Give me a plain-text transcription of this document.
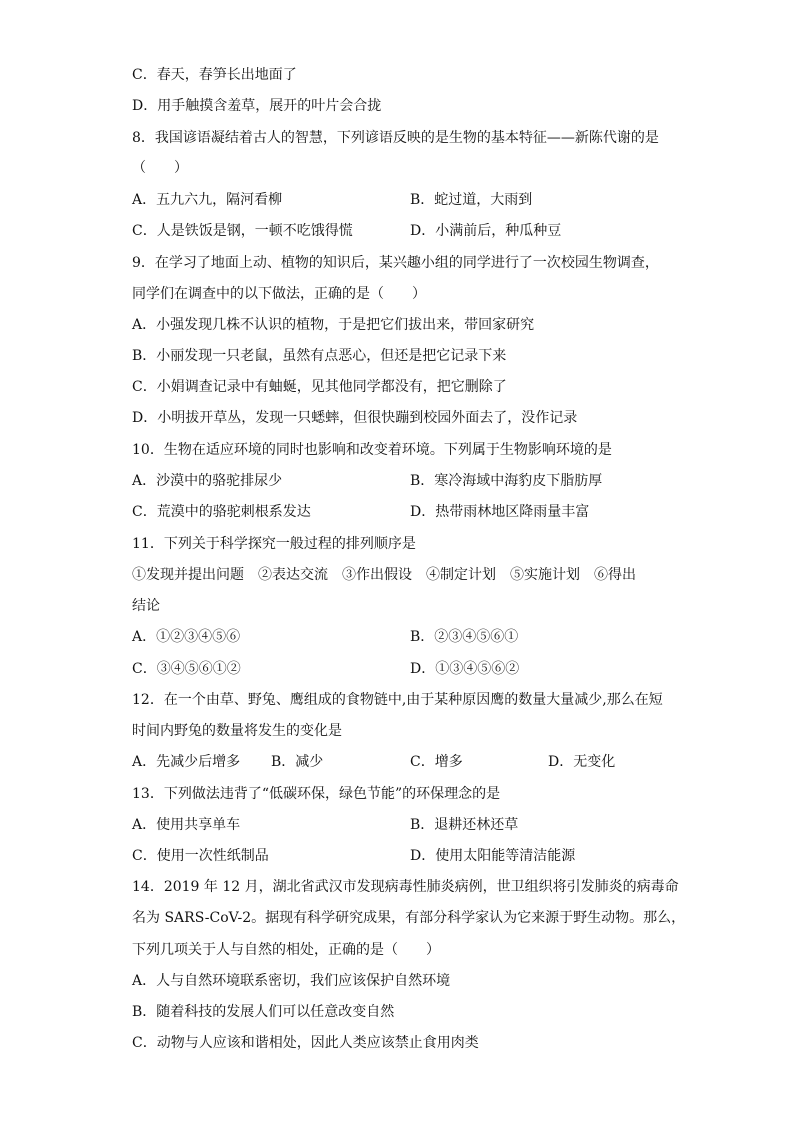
C．春天，春笋长出地面了
D．用手触摸含羞草，展开的叶片会合拢
8．我国谚语凝结着古人的智慧，下列谚语反映的是生物的基本特征——新陈代谢的是
（　　）
A．五九六九，隔河看柳	B．蛇过道，大雨到
C．人是铁饭是钢，一顿不吃饿得慌	D．小满前后，种瓜种豆
9．在学习了地面上动、植物的知识后，某兴趣小组的同学进行了一次校园生物调查，
同学们在调查中的以下做法，正确的是（　　）
A．小强发现几株不认识的植物，于是把它们拔出来，带回家研究
B．小丽发现一只老鼠，虽然有点恶心，但还是把它记录下来
C．小娟调查记录中有蚰蜒，见其他同学都没有，把它删除了
D．小明拔开草丛，发现一只蟋蟀，但很快蹦到校园外面去了，没作记录
10．生物在适应环境的同时也影响和改变着环境。下列属于生物影响环境的是
A．沙漠中的骆驼排尿少	B．寒冷海域中海豹皮下脂肪厚
C．荒漠中的骆驼刺根系发达	D．热带雨林地区降雨量丰富
11．下列关于科学探究一般过程的排列顺序是
①发现并提出问题　②表达交流　③作出假设　④制定计划　⑤实施计划　⑥得出
结论
A．①②③④⑤⑥	B．②③④⑤⑥①
C．③④⑤⑥①②	D．①③④⑤⑥②
12．在一个由草、野兔、鹰组成的食物链中,由于某种原因鹰的数量大量减少,那么在短
时间内野兔的数量将发生的变化是
A．先减少后增多 B．减少	C．增多	D．无变化
13．下列做法违背了“低碳环保，绿色节能”的环保理念的是
A．使用共享单车	B．退耕还林还草
C．使用一次性纸制品	D．使用太阳能等清洁能源
14．2019 年 12 月，湖北省武汉市发现病毒性肺炎病例，世卫组织将引发肺炎的病毒命
名为 SARS-CoV-2。据现有科学研究成果，有部分科学家认为它来源于野生动物。那么，
下列几项关于人与自然的相处，正确的是（　　）
A．人与自然环境联系密切，我们应该保护自然环境
B．随着科技的发展人们可以任意改变自然
C．动物与人应该和谐相处，因此人类应该禁止食用肉类
